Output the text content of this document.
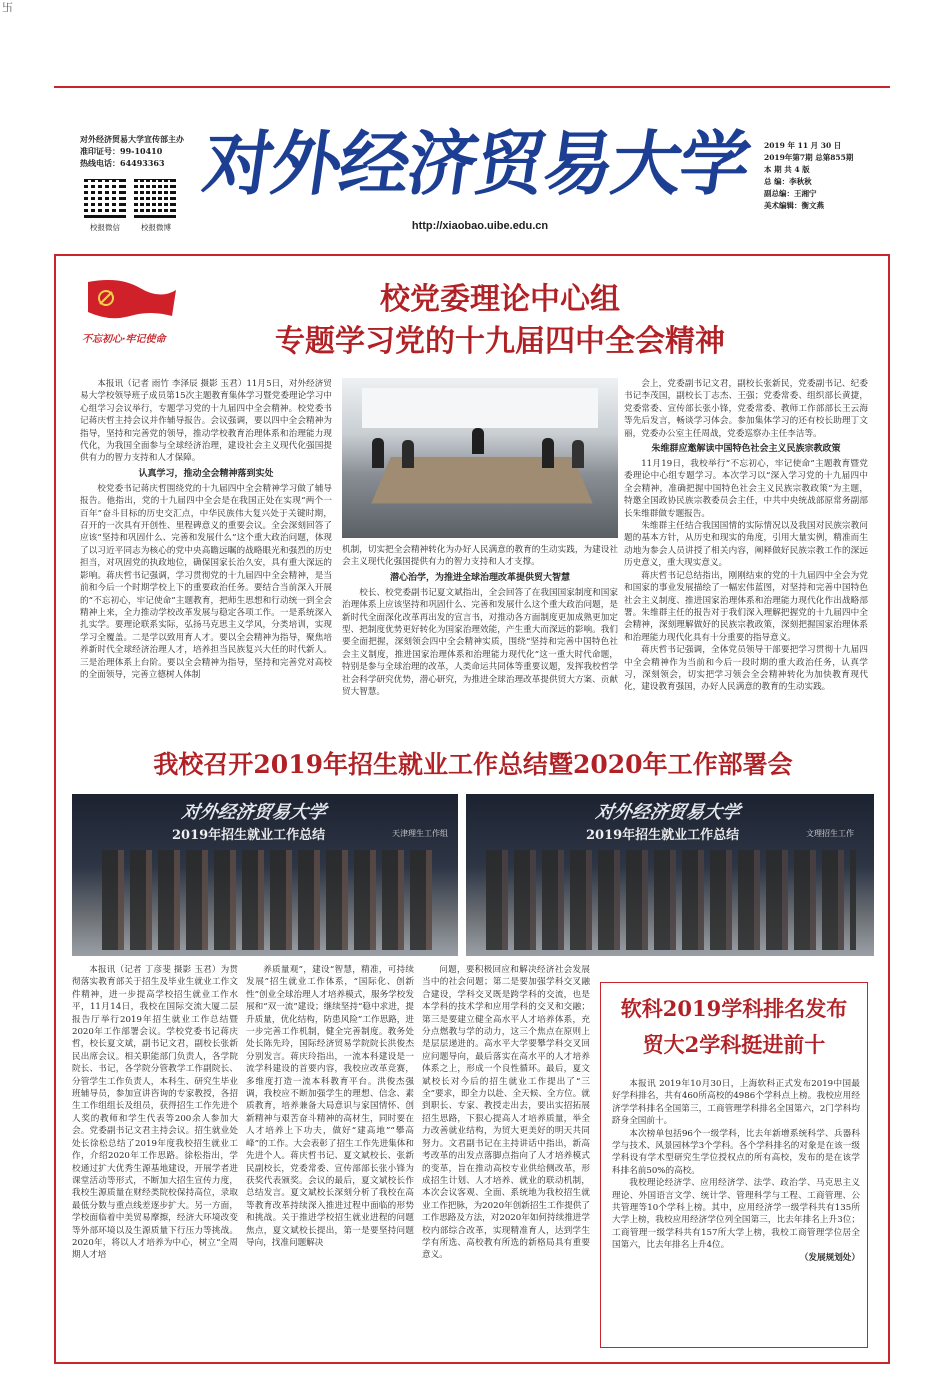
卐
对外经济贸易大学宣传部主办
准印证号：99-10410
热线电话：64493363
校报微信	校报微博
对外经济贸易大学
http://xiaobao.uibe.edu.cn
2019 年 11 月 30 日
2019年第7期 总第855期
本 期 共 4 版
总 编：李秋秋
副总编：王湘宁
美术编辑：衡文燕
不忘初心·牢记使命
校党委理论中心组
专题学习党的十九届四中全会精神
本报讯（记者 雨竹 李泽辰 摄影 玉君）11月5日，对外经济贸易大学校领导班子成员第15次主题教育集体学习暨党委理论学习中心组学习会议举行，专题学习党的十九届四中全会精神。校党委书记蒋庆哲主持会议并作辅导报告。会议强调，要以四中全会精神为指导，坚持和完善党的领导，推动学校教育治理体系和治理能力现代化，为我国全面参与全球经济治理，建设社会主义现代化强国提供有力的智力支持和人才保障。
认真学习，推动全会精神落到实处
校党委书记蒋庆哲围绕党的十九届四中全会精神学习做了辅导报告。他指出，党的十九届四中全会是在我国正处在实现“两个一百年”奋斗目标的历史交汇点，中华民族伟大复兴处于关键时期，召开的一次具有开创性、里程碑意义的重要会议。全会深刻回答了应该“坚持和巩固什么、完善和发展什么”这个重大政治问题，体现了以习近平同志为核心的党中央高瞻远瞩的战略眼光和强烈的历史担当，对巩固党的执政地位，确保国家长治久安，具有重大深远的影响。蒋庆哲书记强调，学习贯彻党的十九届四中全会精神，是当前和今后一个时期学校上下的重要政治任务。要结合当前深入开展的“不忘初心，牢记使命”主题教育，把师生思想和行动统一到全会精神上来，全力推动学校改革发展与稳定各项工作。一是系统深入扎实学。要理论联系实际，弘扬马克思主义学风，分类培训，实现学习全覆盖。二是学以致用育人才。要以全会精神为指导，聚焦培养新时代全球经济治理人才，培养担当民族复兴大任的时代新人。三是治理体系上台阶。要以全会精神为指导，坚持和完善党对高校的全面领导，完善立德树人体制
机制，切实把全会精神转化为办好人民满意的教育的生动实践，为建设社会主义现代化强国提供有力的智力支持和人才支撑。
潜心治学，为推进全球治理改革提供贸大智慧
校长、校党委副书记夏文斌指出，全会回答了在我国国家制度和国家治理体系上应该坚持和巩固什么、完善和发展什么这个重大政治问题，是新时代全面深化改革再出发的宣言书，对推动各方面制度更加成熟更加定型、把制度优势更好转化为国家治理效能，产生重大而深远的影响。我们要全面把握，深刻领会四中全会精神实质，围绕“坚持和完善中国特色社会主义制度，推进国家治理体系和治理能力现代化”这一重大时代命题，特别是参与全球治理的改革，人类命运共同体等重要议题，发挥我校哲学社会科学研究优势，潜心研究，为推进全球治理改革提供贸大方案、贡献贸大智慧。
会上，党委副书记文君，副校长张新民，党委副书记、纪委书记李茂国，副校长丁志杰、王强；党委常委、组织部长黄捷，党委常委、宣传部长张小锋，党委常委、教师工作部部长王云海等先后发言，畅谈学习体会。参加集体学习的还有校长助理丁文丽，党委办公室主任周战，党委巡察办主任李洁等。
朱维群应邀解读中国特色社会主义民族宗教政策
11月19日，我校举行“不忘初心，牢记使命”主题教育暨党委理论中心组专题学习。本次学习以“深入学习党的十九届四中全会精神，准确把握中国特色社会主义民族宗教政策”为主题，特邀全国政协民族宗教委员会主任，中共中央统战部原常务副部长朱维群做专题报告。
朱维群主任结合我国国情的实际情况以及我国对民族宗教问题的基本方针，从历史和现实的角度，引用大量实例，精准而生动地为参会人员讲授了相关内容，阐释做好民族宗教工作的深远历史意义，重大现实意义。
蒋庆哲书记总结指出，刚刚结束的党的十九届四中全会为党和国家的事业发展描绘了一幅宏伟蓝图，对坚持和完善中国特色社会主义制度、推进国家治理体系和治理能力现代化作出战略部署。朱维群主任的报告对于我们深入理解把握党的十九届四中全会精神，深刻理解做好的民族宗教政策，深刻把握国家治理体系和治理能力现代化具有十分重要的指导意义。
蒋庆哲书记强调，全体党员领导干部要把学习贯彻十九届四中全会精神作为当前和今后一段时期的重大政治任务，认真学习，深刻领会，切实把学习领会全会精神转化为加快教育现代化，建设教育强国，办好人民满意的教育的生动实践。
我校召开2019年招生就业工作总结暨2020年工作部署会
对外经济贸易大学
2019年招生就业工作总结	天津理生工作组
对外经济贸易大学
2019年招生就业工作总结	文理招生工作
本报讯（记者 丁彦斐 摄影 玉君）为贯彻落实教育部关于招生及毕业生就业工作文件精神，进一步提高学校招生就业工作水平，11月14日，我校在国际交流大厦二层报告厅举行2019年招生就业工作总结暨2020年工作部署会议。学校党委书记蒋庆哲，校长夏文斌，副书记文君，副校长张新民出席会议。相关职能部门负责人，各学院院长、书记，各学院分管教学工作副院长、分管学生工作负责人，本科生、研究生毕业班辅导员，参加宣讲咨询的专家教授，各招生工作组组长及组员，获得招生工作先进个人奖的教师和学生代表等200余人参加大会。党委副书记文君主持会议。招生就业处处长徐松总结了2019年度我校招生就业工作，介绍2020年工作思路。徐松指出，学校通过扩大优秀生源基地建设，开展学者进课堂活动等形式，不断加大招生宣传力度，我校生源质量在财经类院校保持高位，录取最低分数与重点线差逐步扩大。另一方面，学校面临着中美贸易摩擦，经济大环境改变等外部环境以及生源质量下行压力等挑战。2020年，将以人才培养为中心，树立“全周期人才培
养质量观”，建设“智慧，精准，可持续发展”招生就业工作体系，“国际化、创新性”创业全球治理人才培养模式，服务学校发展和“双一流”建设；继续坚持“稳中求进，提升质量，优化结构，防患风险”工作思路，进一步完善工作机制，健全完善制度。教务处处长陈先玲，国际经济贸易学院院长洪俊杰分别发言。蒋庆玲指出，一流本科建设是一流学科建设的首要内容，我校应改革竞赛，多维度打造一流本科教育平台。洪俊杰强调，我校应不断加强学生的理想、信念、素质教育，培养兼备大局意识与家国情怀、创新精神与艰苦奋斗精神的高材生，同时要在人才培养上下功夫，做好“建高地”“攀高峰”的工作。大会表彰了招生工作先进集体和先进个人。蒋庆哲书记、夏文斌校长、张新民副校长，党委常委、宣传部部长张小锋为获奖代表颁奖。会议的最后，夏文斌校长作总结发言。夏文斌校长深刻分析了我校在高等教育改革持续深入推进过程中面临的形势和挑战。关于推进学校招生就业进程的问题焦点，夏文斌校长提出，第一是要坚持问题导向，找准问题解决
问题，要积极回应和解决经济社会发展当中的社会问题；第二是要加强学科交叉融合建设，学科交叉既是跨学科的交流，也是本学科的技术学和应用学科的交叉和交融；第三是要建立健全高水平人才培养体系，充分点燃教与学的动力，这三个焦点在原则上是层层递进的。高水平大学要攀学科交叉回应问题导向，最后落实在高水平的人才培养体系之上，形成一个良性循环。最后，夏文斌校长对今后的招生就业工作提出了“三全”要求，即全力以赴、全天候、全方位。就到职长、专家、教授走出去，要出实招拓展招生思路，下狠心提高人才培养质量，举全力改善就业结构，为贸大更美好的明天共同努力。文君副书记在主持讲话中指出，新高考改革的出发点落脚点指向了人才培养模式的变革，旨在推动高校专业供给侧改革，形成招生计划、人才培养、就业的联动机制，本次会议客观、全面、系统地为我校招生就业工作把脉，为2020年创新招生工作提供了工作思路及方法，对2020年如何持续推进学校内部综合改革，实现精准育人，达到学生学有所选、高校教有所选的新格局具有重要意义。
软科2019学科排名发布
贸大2学科挺进前十
本报讯 2019年10月30日，上海软科正式发布2019中国最好学科排名，共有460所高校的4986个学科点上榜。我校应用经济学学科排名全国第三，工商管理学科排名全国第六，2门学科均跻身全国前十。
本次榜单包括96个一级学科，比去年新增系统科学、兵器科学与技术、风景园林学3个学科。各个学科排名的对象是在该一级学科设有学术型研究生学位授权点的所有高校，发布的是在该学科排名前50%的高校。
我校理论经济学、应用经济学、法学、政治学、马克思主义理论、外国语言文学、统计学、管理科学与工程、工商管理、公共管理等10个学科上榜。其中，应用经济学一级学科共有135所大学上榜，我校应用经济学位列全国第三，比去年排名上升3位；工商管理一级学科共有157所大学上榜，我校工商管理学位居全国第六，比去年排名上升4位。
（发展规划处）
